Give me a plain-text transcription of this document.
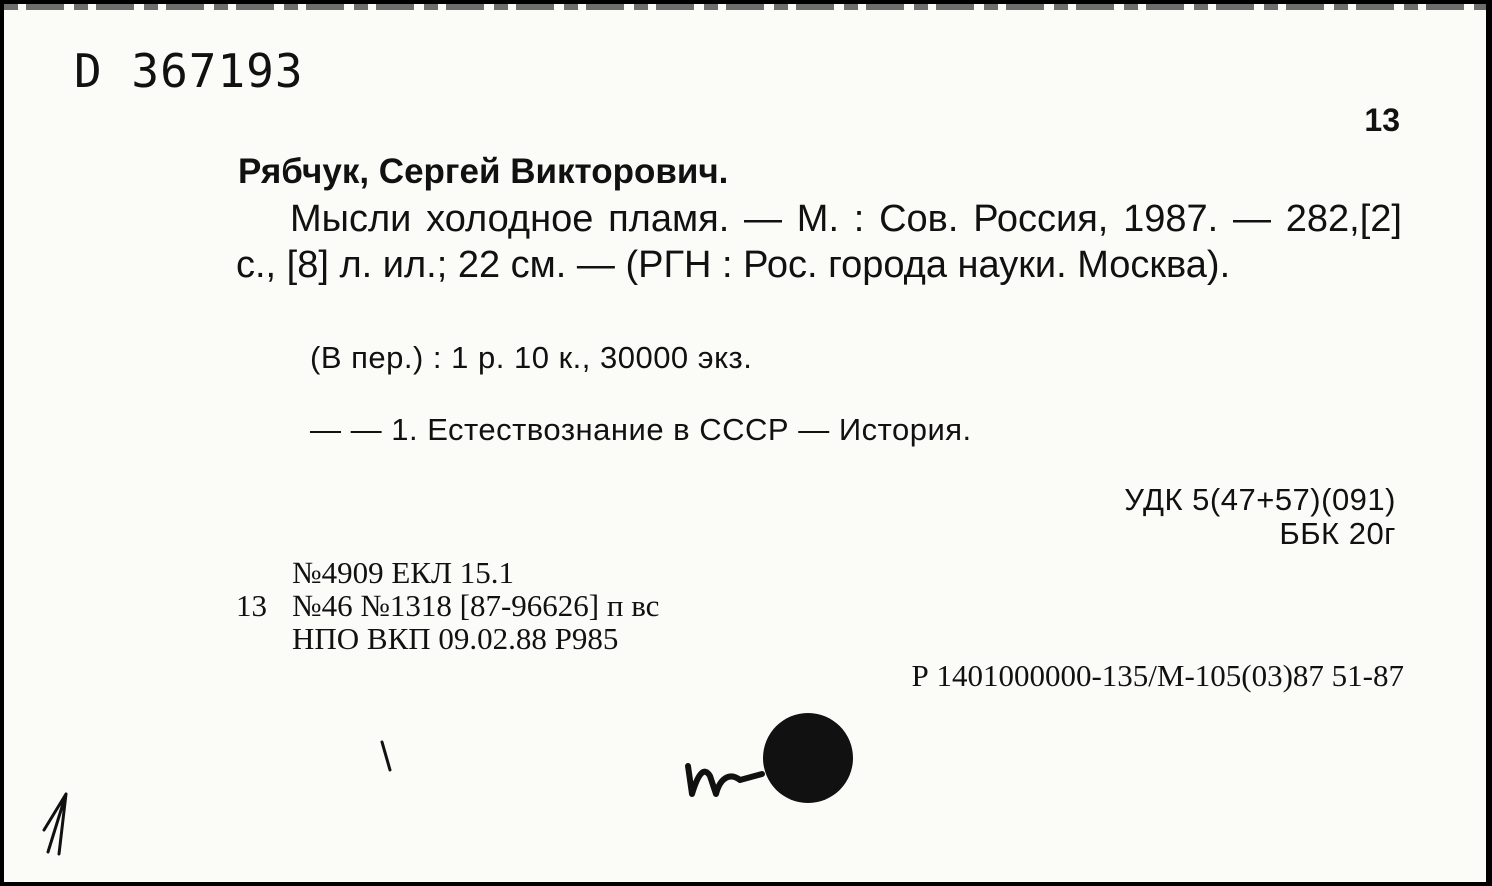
D 367193
13
Рябчук, Сергей Викторович.
Мысли холодное пламя. — М. : Сов. Россия, 1987. — 282,[2] с., [8] л. ил.; 22 см. — (РГН : Рос. города науки. Москва).
(В пер.) : 1 р. 10 к., 30000 экз.
— — 1. Естествознание в СССР — История.
УДК 5(47+57)(091)
ББК 20г
№4909 ЕКЛ 15.1
13 №46 №1318 [87-96626] п вс
НПО ВКП 09.02.88 Р985
Р 1401000000-135/М-105(03)87 51-87
